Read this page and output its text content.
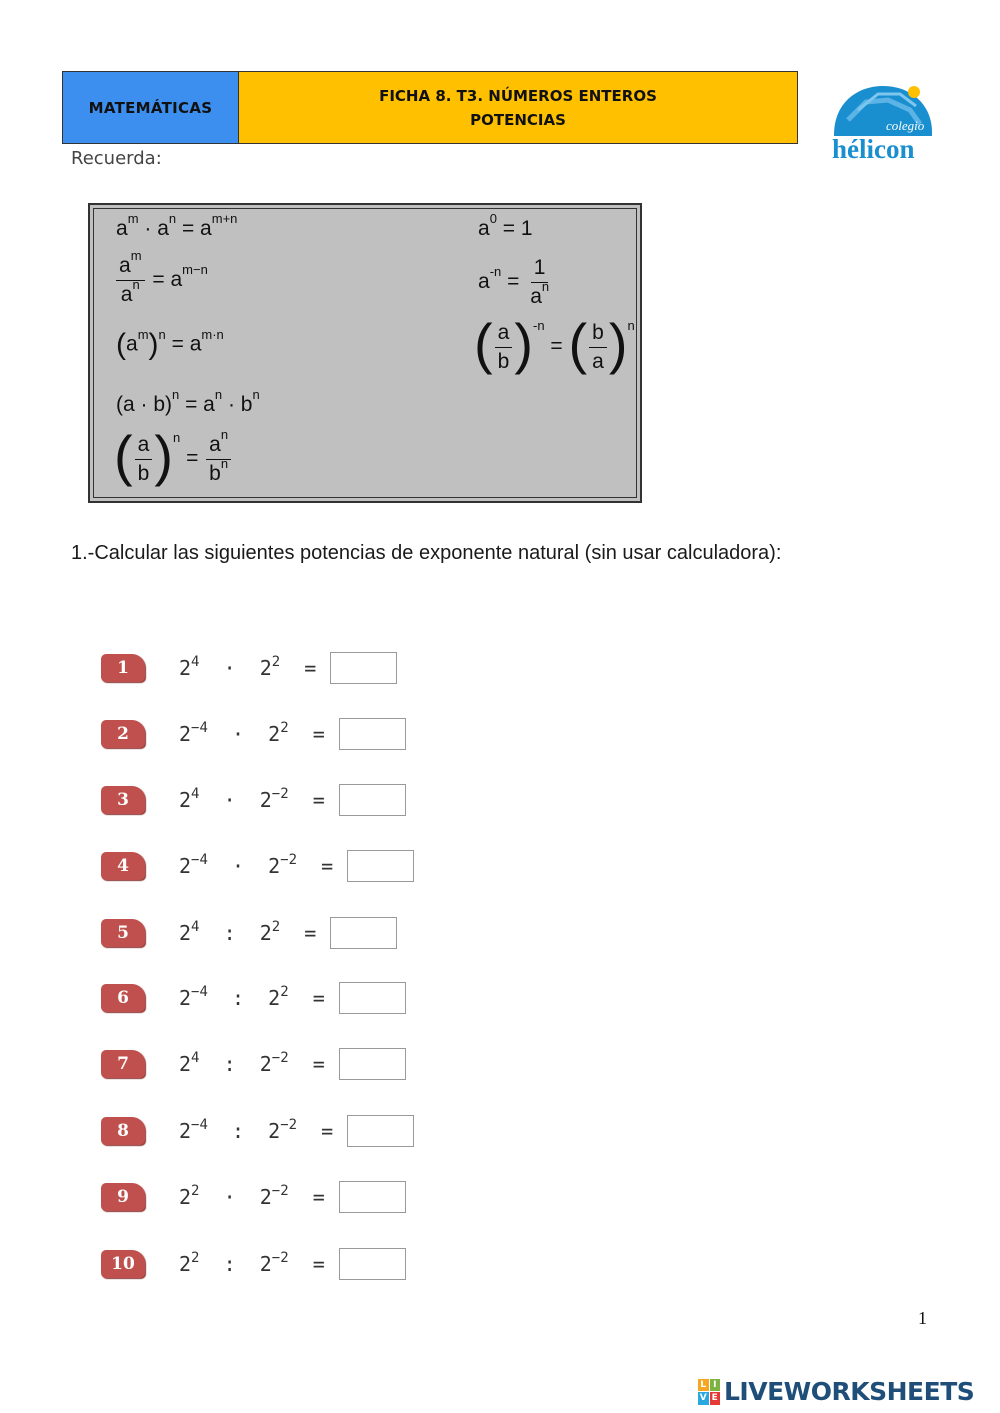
MATEMÁTICAS
FICHA 8. T3. NÚMEROS ENTEROS
POTENCIAS	colegio
hélicon
Recuerda:
$a^m \cdot a^n = a^{m+n}$
$\frac{a^m}{a^n} = a^{m-n}$
$(a^m)^n = a^{m\cdot n}$
$(a \cdot b)^n = a^n \cdot b^n$
( $\frac{a}{b}$ ) n
= $\frac{a^n}{b^n}$
$a^0 = 1$
$a^{-n} = \frac{1}{a^n}$
( $\frac{a}{b}$ ) -n
= ( $\frac{b}{a}$ ) n
1.-Calcular las siguientes potencias de exponente natural (sin usar calculadora):
1	$2^4$
·
$2^2$
=
2	$2^{-4}$
·
$2^2$
=
3	$2^4$
·
$2^{-2}$
=
4	$2^{-4}$
·
$2^{-2}$
=
5	$2^4$
:
$2^2$
=
6	$2^{-4}$
:
$2^2$
=
7	$2^4$
:
$2^{-2}$
=
8	$2^{-4}$
:
$2^{-2}$
=
9	$2^2$
·
$2^{-2}$
=
10	$2^2$
:
$2^{-2}$
=
1
L I
V E LIVEWORKSHEETS
